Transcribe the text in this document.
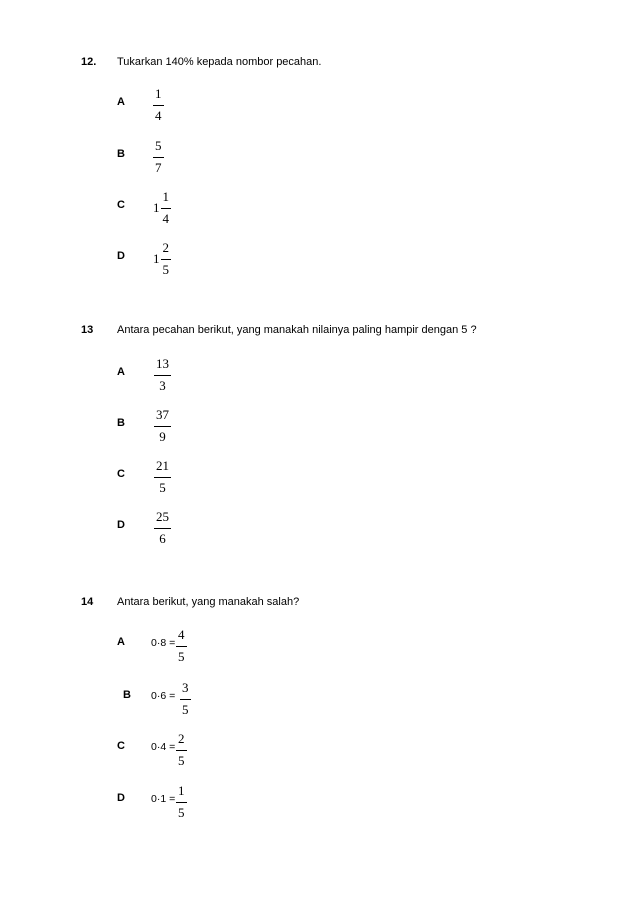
12. Tukarkan 140% kepada nombor pecahan.
A
1
4
B
5
7
C $1 \frac{1}{4}$
D $1 \frac{2}{5}$
13 Antara pecahan berikut, yang manakah nilainya paling hampir dengan 5 ?
A
13
3
B
37
9
C
21
5
D
25
6
14 Antara berikut, yang manakah salah?
A 0·8 =
4
5
B 0·6 =
3
5
C 0·4 =
2
5
D 0·1 =
1
5
